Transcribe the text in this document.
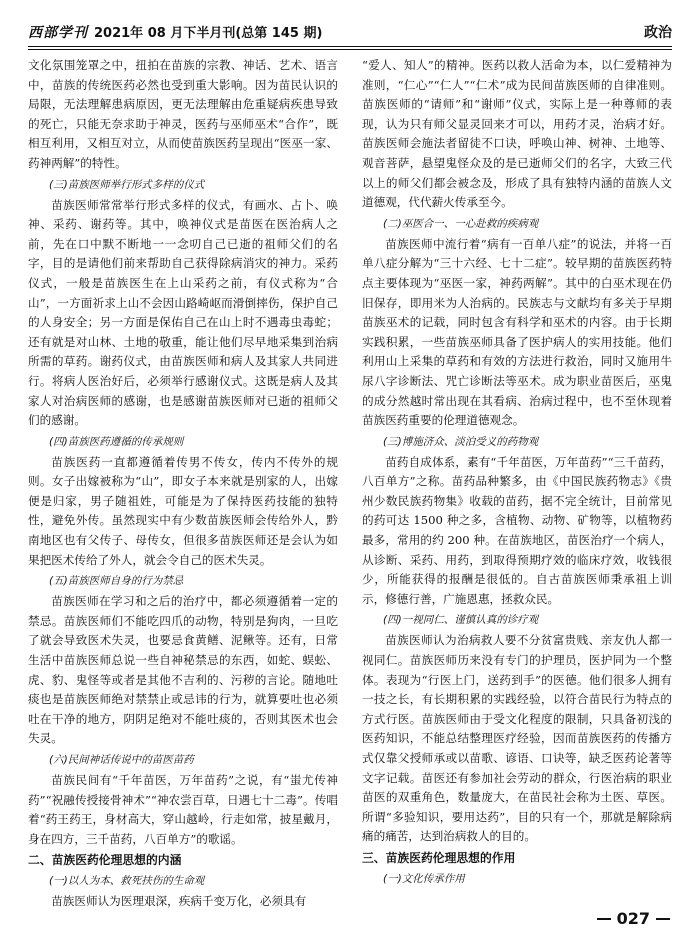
西部学刊 2021年 08 月下半月刊(总第 145 期)	政治

文化氛围笼罩之中，扭拍在苗族的宗教、神话、艺术、语言中，苗族的传统医药必然也受到重大影响。因为苗民认识的局限，无法理解患病原因，更无法理解由危重疑病疾患导致的死亡，只能无奈求助于神灵，医药与巫师巫术“合作”，既相互利用，又相互对立，从而使苗族医药呈现出“医巫一家、药神两解”的特性。

(三)苗族医师举行形式多样的仪式

苗族医师常常举行形式多样的仪式，有画水、占卜、唤神、采药、谢药等。其中，唤神仪式是苗医在医治病人之前，先在口中默不断地一一念叨自己已逝的祖师父们的名字，目的是请他们前来帮助自己获得除病消灾的神力。采药仪式，一般是苗族医生在上山采药之前，有仪式称为“合山”，一方面祈求上山不会因山路崎岖而滑倒摔伤，保护自己的人身安全；另一方面是保佑自己在山上时不遇毒虫毒蛇；还有就是对山林、土地的敬重，能让他们尽早地采集到治病所需的草药。谢药仪式，由苗族医师和病人及其家人共同进行。将病人医治好后，必须举行感谢仪式。这既是病人及其家人对治病医师的感谢，也是感谢苗族医师对已逝的祖师父们的感谢。

(四)苗族医药遵循的传承规则

苗族医药一直都遵循着传男不传女，传内不传外的规则。女子出嫁被称为“山”，即女子本来就是别家的人，出嫁便是归家，男子随祖姓，可能是为了保持医药技能的独特性，避免外传。虽然现实中有少数苗族医师会传给外人，黔南地区也有父传子、母传女，但很多苗族医师还是会认为如果把医术传给了外人，就会令自己的医术失灵。

(五)苗族医师自身的行为禁忌

苗族医师在学习和之后的治疗中，都必须遵循着一定的禁忌。苗族医师们不能吃四爪的动物，特别是狗肉，一旦吃了就会导致医术失灵，也要忌食黄鳝、泥鳅等。还有，日常生活中苗族医师总说一些自神秘禁忌的东西，如蛇、蜈蚣、虎、豹、鬼怪等或者是其他不吉利的、污秽的言论。随地吐痰也是苗族医师绝对禁禁止或忌讳的行为，就算要吐也必须吐在干净的地方，阴阴足绝对不能吐痰的，否则其医术也会失灵。

(六)民间神话传说中的苗医苗药

苗族民间有“千年苗医，万年苗药”之说，有“蚩尤传神药”“祝融传授接骨神术”“神农尝百草，日遇七十二毒”。传唱着“药王药王，身材高大，穿山越岭，行走如常，披星戴月，身在四方，三千苗药，八百单方”的歌谣。

二、苗族医药伦理思想的内涵
(一)以人为本、救死扶伤的生命观

苗族医师认为医理艰深，疾病千变万化，必须具有

“爱人、知人”的精神。医药以救人活命为本，以仁爱精神为准则，“仁心”“仁人”“仁术”成为民间苗族医师的自律准则。苗族医师的“请师”和“谢师”仪式，实际上是一种尊师的表现，认为只有师父显灵回来才可以，用药才灵，治病才好。苗族医师会施法者留徒不口诀，呼唤山神、树神、土地等、观音菩萨，悬望鬼怪众及的是已逝师父们的名字，大致三代以上的师父们都会被念及，形成了具有独特内涵的苗族人文道德观，代代薪火传承至今。

(二)巫医合一、一心赴救的疾病观

苗族医师中流行着“病有一百单八症”的说法，并将一百单八症分解为“三十六经、七十二症”。较早期的苗族医药特点主要体现为“巫医一家，神药两解”。其中的白巫术现在仍旧保存，即用米为人治病的。民族志与文献均有多关于早期苗族巫术的记载，同时包含有科学和巫术的内容。由于长期实践积累，一些苗族巫师具备了医护病人的实用技能。他们利用山上采集的草药和有效的方法进行救治，同时又施用牛尿八字诊断法、咒亡诊断法等巫术。成为职业苗医后，巫鬼的成分然越时常出现在其看病、治病过程中，也不至休现着苗族医药重要的伦理道德观念。

(三)博施济众、淡泊受义的药物观

苗药自成体系，素有“千年苗医，万年苗药”“三千苗药，八百单方”之称。苗药品种繁多，由《中国民族药物志》《贵州少数民族药物集》收载的苗药，据不完全统计，目前常见的药可达 1500 种之多，含植物、动物、矿物等，以植物药最多，常用的约 200 种。在苗族地区，苗医治疗一个病人，从诊断、采药、用药，到取得预期疗效的临床疗效，收钱很少，所能获得的报酬是很低的。自古苗族医师秉承祖上训示，修德行善，广施恩惠，拯救众民。

(四)一视同仁、谨慎认真的诊疗观

苗族医师认为治病救人要不分贫富贵贱、亲友仇人都一视同仁。苗族医师历来没有专门的护理员，医护同为一个整体。表现为“行医上门，送药到手”的医德。他们很多人拥有一技之长，有长期积累的实践经验，以符合苗民行为特点的方式行医。苗族医师由于受文化程度的限制，只具备初浅的医药知识，不能总结整理医疗经验，因而苗族医药的传播方式仅靠父授师承或以苗歌、谚语、口诀等，缺乏医药论著等文字记载。苗医还有参加社会劳动的群众，行医治病的职业苗医的双重角色，数量庞大，在苗民社会称为土医、草医。所谓“多验知识，要用达药”，目的只有一个，那就是解除病痛的痛苦，达到治病救人的目的。

三、苗族医药伦理思想的作用
(一)文化传承作用
027
